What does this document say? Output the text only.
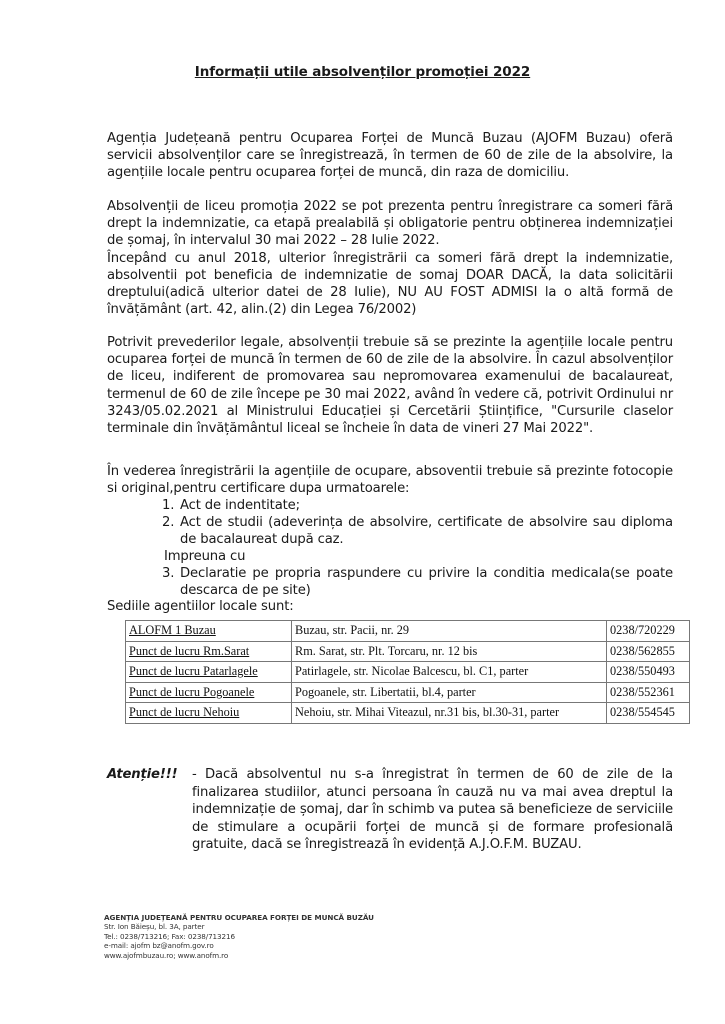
Informații utile absolvenților promoției 2022

Agenția Județeană pentru Ocuparea Forței de Muncă Buzau (AJOFM Buzau) oferă servicii absolvenților care se înregistrează, în termen de 60 de zile de la absolvire, la agențiile locale pentru ocuparea forței de muncă, din raza de domiciliu.

Absolvenții de liceu promoția 2022 se pot prezenta pentru înregistrare ca someri fără drept la indemnizatie, ca etapă prealabilă și obligatorie pentru obținerea indemnizației de șomaj, în intervalul 30 mai 2022 – 28 Iulie 2022.

Începând cu anul 2018, ulterior înregistrării ca someri fără drept la indemnizatie, absolventii pot beneficia de indemnizatie de somaj DOAR DACĂ, la data solicitării dreptului(adică ulterior datei de 28 Iulie), NU AU FOST ADMISI la o altă formă de învățământ (art. 42, alin.(2) din Legea 76/2002)

Potrivit prevederilor legale, absolvenții trebuie să se prezinte la agențiile locale pentru ocuparea forței de muncă în termen de 60 de zile de la absolvire. În cazul absolvenților de liceu, indiferent de promovarea sau nepromovarea examenului de bacalaureat, termenul de 60 de zile începe pe 30 mai 2022, având în vedere că, potrivit Ordinului nr 3243/05.02.2021 al Ministrului Educației și Cercetării Științifice, "Cursurile claselor terminale din învățământul liceal se încheie în data de vineri 27 Mai 2022".

În vederea înregistrării la agențiile de ocupare, absoventii trebuie să prezinte fotocopie si original,pentru certificare dupa urmatoarele:

1. Act de indentitate;
2. Act de studii (adeverința de absolvire, certificate de absolvire sau diploma de bacalaureat după caz.
Impreuna cu
3. Declaratie pe propria raspundere cu privire la conditia medicala(se poate descarca de pe site)
Sediile agentiilor locale sunt:
ALOFM 1 Buzau	Buzau, str. Pacii, nr. 29	0238/720229
Punct de lucru Rm.Sarat	Rm. Sarat, str. Plt. Torcaru, nr. 12 bis	0238/562855
Punct de lucru Patarlagele	Patirlagele, str. Nicolae Balcescu, bl. C1, parter	0238/550493
Punct de lucru Pogoanele	Pogoanele, str. Libertatii, bl.4, parter	0238/552361
Punct de lucru Nehoiu	Nehoiu, str. Mihai Viteazul, nr.31 bis, bl.30-31, parter	0238/554545
Atenție!!! - Dacă absolventul nu s-a înregistrat în termen de 60 de zile de la finalizarea studiilor, atunci persoana în cauză nu va mai avea dreptul la indemnizație de șomaj, dar în schimb va putea să beneficieze de serviciile de stimulare a ocupării forței de muncă și de formare profesională gratuite, dacă se înregistrează în evidență A.J.O.F.M. BUZAU.
AGENȚIA JUDEȚEANĂ PENTRU OCUPAREA FORȚEI DE MUNCĂ BUZĂU
Str. Ion Băieșu, bl. 3A, parter
Tel.: 0238/713216; Fax: 0238/713216
e-mail: ajofm bz@anofm.gov.ro
www.ajofmbuzau.ro; www.anofm.ro
